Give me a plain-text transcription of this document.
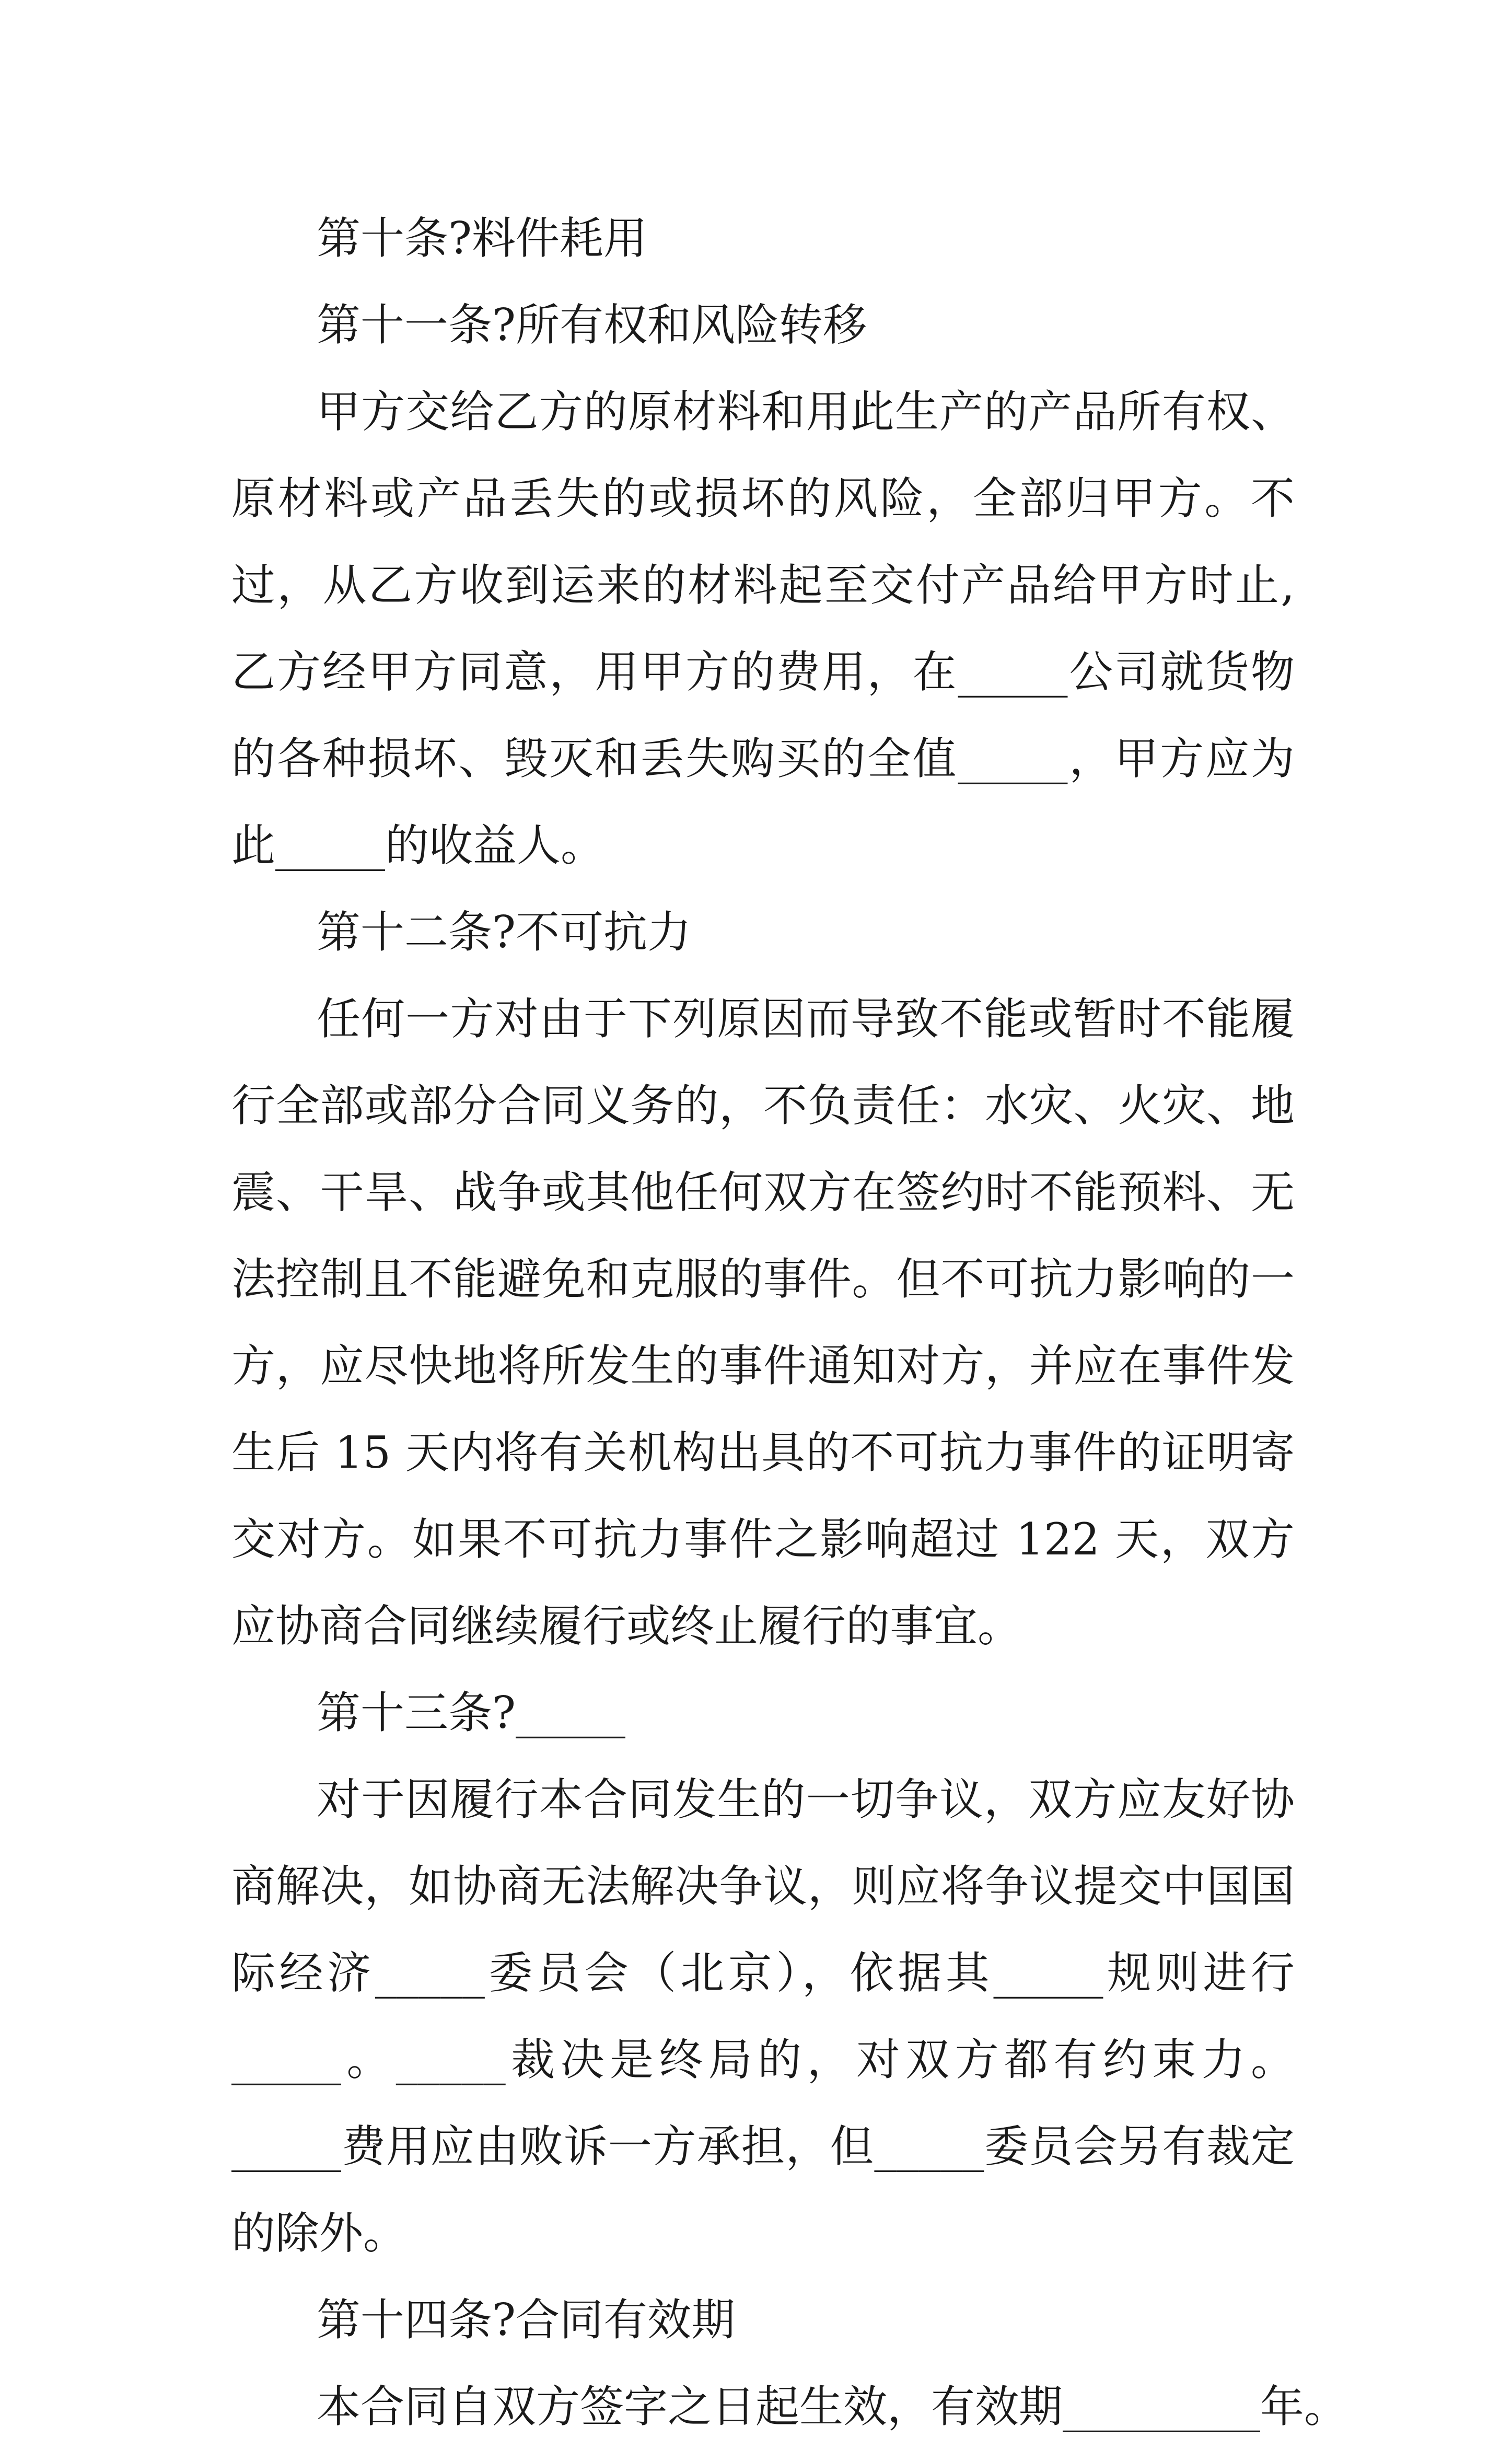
第十条?料件耗用

第十一条?所有权和风险转移

甲方交给乙方的原材料和用此生产的产品所有权、原材料或产品丢失的或损坏的风险，全部归甲方。不过，从乙方收到运来的材料起至交付产品给甲方时止,乙方经甲方同意，用甲方的费用，在_____公司就货物的各种损坏、毁灭和丢失购买的全值_____，甲方应为此_____的收益人。

第十二条?不可抗力

任何一方对由于下列原因而导致不能或暂时不能履行全部或部分合同义务的，不负责任：水灾、火灾、地震、干旱、战争或其他任何双方在签约时不能预料、无法控制且不能避免和克服的事件。但不可抗力影响的一方，应尽快地将所发生的事件通知对方，并应在事件发生后 15 天内将有关机构出具的不可抗力事件的证明寄交对方。如果不可抗力事件之影响超过 122 天，双方应协商合同继续履行或终止履行的事宜。

第十三条?_____

对于因履行本合同发生的一切争议，双方应友好协商解决，如协商无法解决争议，则应将争议提交中国国际经济_____委员会（北京），依据其_____规则进行_____。_____裁决是终局的，对双方都有约束力。_____费用应由败诉一方承担，但_____委员会另有裁定的除外。

第十四条?合同有效期

本合同自双方签字之日起生效，有效期_________年。
